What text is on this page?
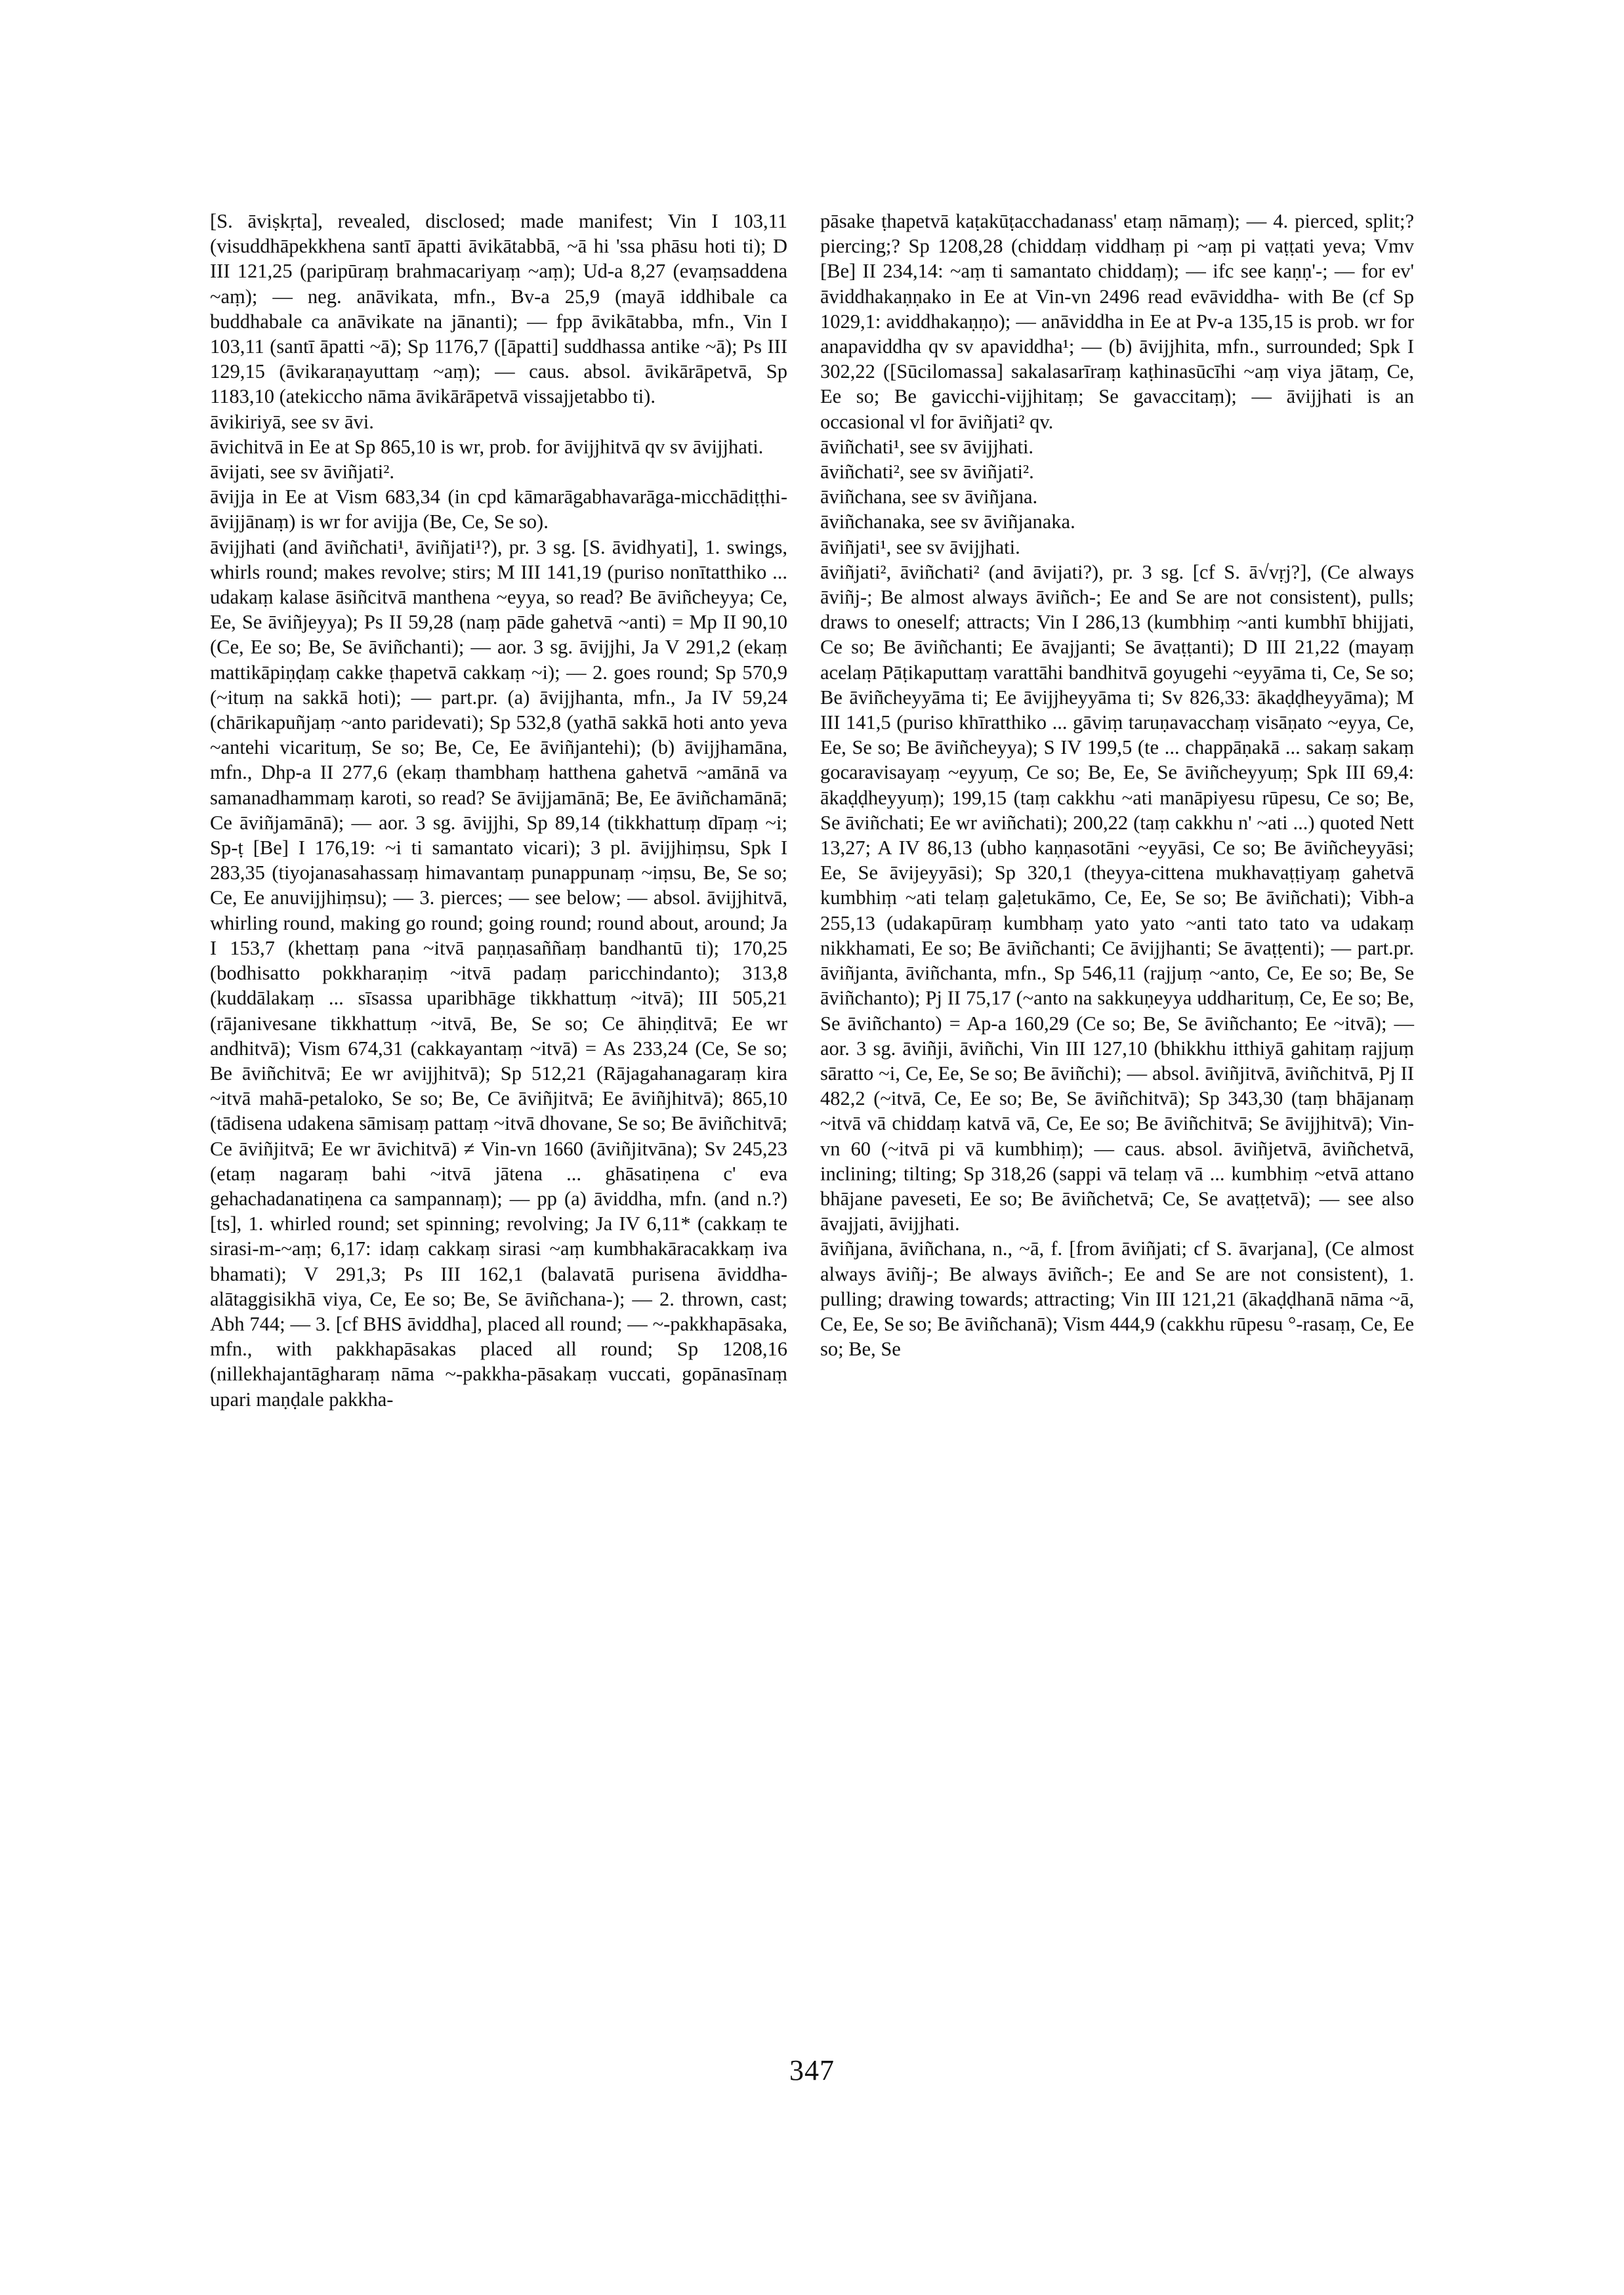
[S. āviṣkṛta], revealed, disclosed; made manifest; Vin I 103,11 (visuddhāpekkhena santī āpatti āvikātabbā, ~ā hi 'ssa phāsu hoti ti); D III 121,25 (paripūraṃ brahmacariyaṃ ~aṃ); Ud-a 8,27 (evaṃsaddena ~aṃ); — neg. anāvikata, mfn., Bv-a 25,9 (mayā iddhibale ca buddhabale ca anāvikate na jānanti); — fpp āvikātabba, mfn., Vin I 103,11 (santī āpatti ~ā); Sp 1176,7 ([āpatti] suddhassa antike ~ā); Ps III 129,15 (āvikaraṇayuttaṃ ~aṃ); — caus. absol. āvikārāpetvā, Sp 1183,10 (atekiccho nāma āvikārāpetvā vissajjetabbo ti).

āvikiriyā, see sv āvi.

āvichitvā in Ee at Sp 865,10 is wr, prob. for āvijjhitvā qv sv āvijjhati.

āvijati, see sv āviñjati².

āvijja in Ee at Vism 683,34 (in cpd kāmarāgabhavarāga-micchādiṭṭhi-āvijjānaṃ) is wr for avijja (Be, Ce, Se so).

āvijjhati (and āviñchati¹, āviñjati¹?), pr. 3 sg. [S. āvidhyati], 1. swings, whirls round; makes revolve; stirs; M III 141,19 (puriso nonītatthiko ... udakaṃ kalase āsiñcitvā manthena ~eyya, so read? Be āviñcheyya; Ce, Ee, Se āviñjeyya); Ps II 59,28 (naṃ pāde gahetvā ~anti) = Mp II 90,10 (Ce, Ee so; Be, Se āviñchanti); — aor. 3 sg. āvijjhi, Ja V 291,2 (ekaṃ mattikāpiṇḍaṃ cakke ṭhapetvā cakkaṃ ~i); — 2. goes round; Sp 570,9 (~ituṃ na sakkā hoti); — part.pr. (a) āvijjhanta, mfn., Ja IV 59,24 (chārikapuñjaṃ ~anto paridevati); Sp 532,8 (yathā sakkā hoti anto yeva ~antehi vicarituṃ, Se so; Be, Ce, Ee āviñjantehi); (b) āvijjhamāna, mfn., Dhp-a II 277,6 (ekaṃ thambhaṃ hatthena gahetvā ~amānā va samanadhammaṃ karoti, so read? Se āvijjamānā; Be, Ee āviñchamānā; Ce āviñjamānā); — aor. 3 sg. āvijjhi, Sp 89,14 (tikkhattuṃ dīpaṃ ~i; Sp-ṭ [Be] I 176,19: ~i ti samantato vicari); 3 pl. āvijjhiṃsu, Spk I 283,35 (tiyojanasahassaṃ himavantaṃ punappunaṃ ~iṃsu, Be, Se so; Ce, Ee anuvijjhiṃsu); — 3. pierces; — see below; — absol. āvijjhitvā, whirling round, making go round; going round; round about, around; Ja I 153,7 (khettaṃ pana ~itvā paṇṇasaññaṃ bandhantū ti); 170,25 (bodhisatto pokkharaṇiṃ ~itvā padaṃ paricchindanto); 313,8 (kuddālakaṃ ... sīsassa uparibhāge tikkhattuṃ ~itvā); III 505,21 (rājanivesane tikkhattuṃ ~itvā, Be, Se so; Ce āhiṇḍitvā; Ee wr andhitvā); Vism 674,31 (cakkayantaṃ ~itvā) = As 233,24 (Ce, Se so; Be āviñchitvā; Ee wr avijjhitvā); Sp 512,21 (Rājagahanagaraṃ kira ~itvā mahā-petaloko, Se so; Be, Ce āviñjitvā; Ee āviñjhitvā); 865,10 (tādisena udakena sāmisaṃ pattaṃ ~itvā dhovane, Se so; Be āviñchitvā; Ce āviñjitvā; Ee wr āvichitvā) ≠ Vin-vn 1660 (āviñjitvāna); Sv 245,23 (etaṃ nagaraṃ bahi ~itvā jātena ... ghāsatiṇena c' eva gehachadanatiṇena ca sampannaṃ); — pp (a) āviddha, mfn. (and n.?) [ts], 1. whirled round; set spinning; revolving; Ja IV 6,11* (cakkaṃ te sirasi-m-~aṃ; 6,17: idaṃ cakkaṃ sirasi ~aṃ kumbhakāracakkaṃ iva bhamati); V 291,3; Ps III 162,1 (balavatā purisena āviddha-alātaggisikhā viya, Ce, Ee so; Be, Se āviñchana-); — 2. thrown, cast; Abh 744; — 3. [cf BHS āviddha], placed all round; — ~-pakkhapāsaka, mfn., with pakkhapāsakas placed all round; Sp 1208,16 (nillekhajantāgharaṃ nāma ~-pakkha-pāsakaṃ vuccati, gopānasīnaṃ upari maṇḍale pakkha-

pāsake ṭhapetvā kaṭakūṭacchadanass' etaṃ nāmaṃ); — 4. pierced, split;? piercing;? Sp 1208,28 (chiddaṃ viddhaṃ pi ~aṃ pi vaṭṭati yeva; Vmv [Be] II 234,14: ~aṃ ti samantato chiddaṃ); — ifc see kaṇṇ'-; — for ev' āviddhakaṇṇako in Ee at Vin-vn 2496 read evāviddha- with Be (cf Sp 1029,1: aviddhakaṇṇo); — anāviddha in Ee at Pv-a 135,15 is prob. wr for anapaviddha qv sv apaviddha¹; — (b) āvijjhita, mfn., surrounded; Spk I 302,22 ([Sūcilomassa] sakalasarīraṃ kaṭhinasūcīhi ~aṃ viya jātaṃ, Ce, Ee so; Be gavicchi-vijjhitaṃ; Se gavaccitaṃ); — āvijjhati is an occasional vl for āviñjati² qv.

āviñchati¹, see sv āvijjhati.

āviñchati², see sv āviñjati².

āviñchana, see sv āviñjana.

āviñchanaka, see sv āviñjanaka.

āviñjati¹, see sv āvijjhati.

āviñjati², āviñchati² (and āvijati?), pr. 3 sg. [cf S. ā√vṛj?], (Ce always āviñj-; Be almost always āviñch-; Ee and Se are not consistent), pulls; draws to oneself; attracts; Vin I 286,13 (kumbhiṃ ~anti kumbhī bhijjati, Ce so; Be āviñchanti; Ee āvajjanti; Se āvaṭṭanti); D III 21,22 (mayaṃ acelaṃ Pāṭikaputtaṃ varattāhi bandhitvā goyugehi ~eyyāma ti, Ce, Se so; Be āviñcheyyāma ti; Ee āvijjheyyāma ti; Sv 826,33: ākaḍḍheyyāma); M III 141,5 (puriso khīratthiko ... gāviṃ taruṇavacchaṃ visāṇato ~eyya, Ce, Ee, Se so; Be āviñcheyya); S IV 199,5 (te ... chappāṇakā ... sakaṃ sakaṃ gocaravisayaṃ ~eyyuṃ, Ce so; Be, Ee, Se āviñcheyyuṃ; Spk III 69,4: ākaḍḍheyyuṃ); 199,15 (taṃ cakkhu ~ati manāpiyesu rūpesu, Ce so; Be, Se āviñchati; Ee wr aviñchati); 200,22 (taṃ cakkhu n' ~ati ...) quoted Nett 13,27; A IV 86,13 (ubho kaṇṇasotāni ~eyyāsi, Ce so; Be āviñcheyyāsi; Ee, Se āvijeyyāsi); Sp 320,1 (theyya-cittena mukhavaṭṭiyaṃ gahetvā kumbhiṃ ~ati telaṃ gaḷetukāmo, Ce, Ee, Se so; Be āviñchati); Vibh-a 255,13 (udakapūraṃ kumbhaṃ yato yato ~anti tato tato va udakaṃ nikkhamati, Ee so; Be āviñchanti; Ce āvijjhanti; Se āvaṭṭenti); — part.pr. āviñjanta, āviñchanta, mfn., Sp 546,11 (rajjuṃ ~anto, Ce, Ee so; Be, Se āviñchanto); Pj II 75,17 (~anto na sakkuṇeyya uddharituṃ, Ce, Ee so; Be, Se āviñchanto) = Ap-a 160,29 (Ce so; Be, Se āviñchanto; Ee ~itvā); — aor. 3 sg. āviñji, āviñchi, Vin III 127,10 (bhikkhu itthiyā gahitaṃ rajjuṃ sāratto ~i, Ce, Ee, Se so; Be āviñchi); — absol. āviñjitvā, āviñchitvā, Pj II 482,2 (~itvā, Ce, Ee so; Be, Se āviñchitvā); Sp 343,30 (taṃ bhājanaṃ ~itvā vā chiddaṃ katvā vā, Ce, Ee so; Be āviñchitvā; Se āvijjhitvā); Vin-vn 60 (~itvā pi vā kumbhiṃ); — caus. absol. āviñjetvā, āviñchetvā, inclining; tilting; Sp 318,26 (sappi vā telaṃ vā ... kumbhiṃ ~etvā attano bhājane paveseti, Ee so; Be āviñchetvā; Ce, Se avaṭṭetvā); — see also āvajjati, āvijjhati.

āviñjana, āviñchana, n., ~ā, f. [from āviñjati; cf S. āvarjana], (Ce almost always āviñj-; Be always āviñch-; Ee and Se are not consistent), 1. pulling; drawing towards; attracting; Vin III 121,21 (ākaḍḍhanā nāma ~ā, Ce, Ee, Se so; Be āviñchanā); Vism 444,9 (cakkhu rūpesu °-rasaṃ, Ce, Ee so; Be, Se

347
